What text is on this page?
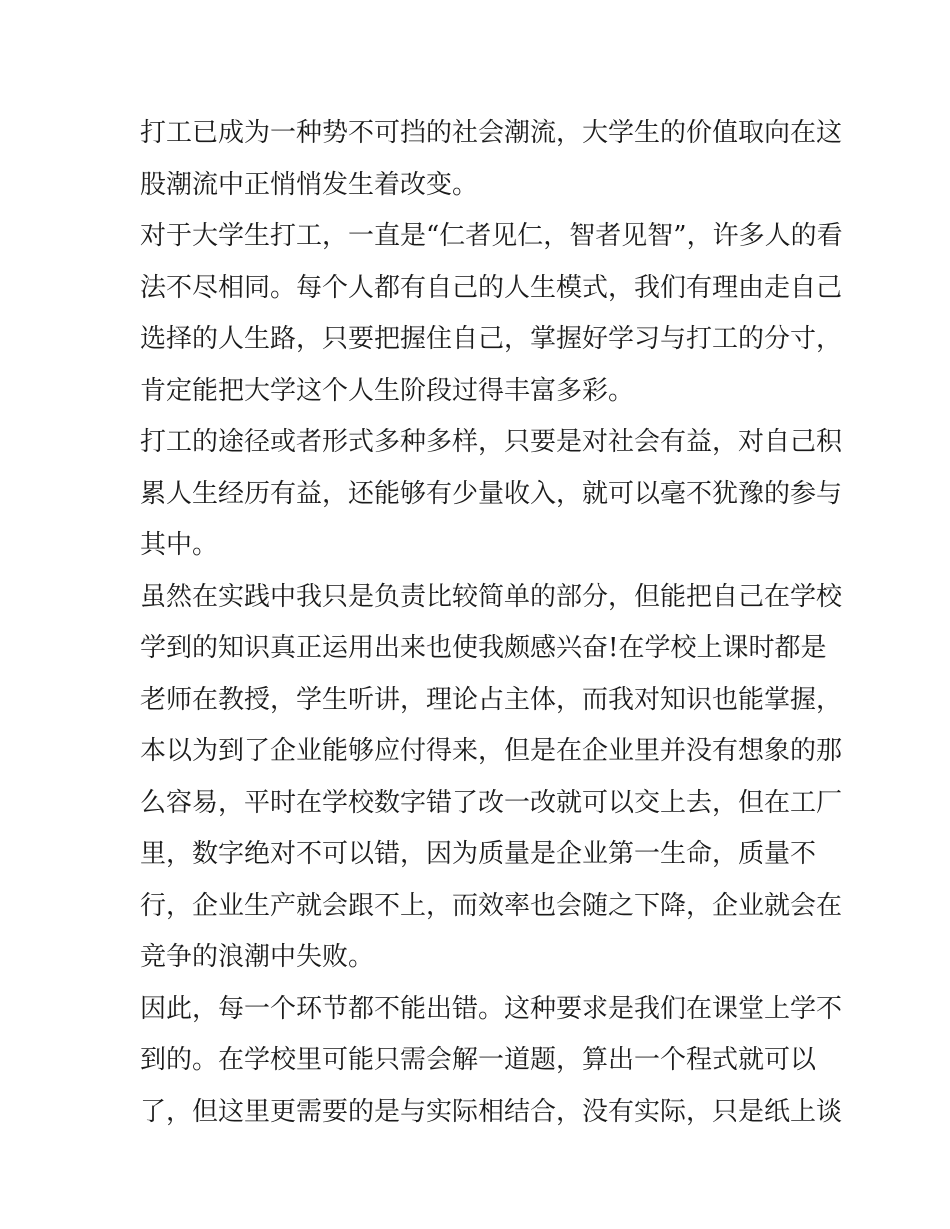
打工已成为一种势不可挡的社会潮流，大学生的价值取向在这
股潮流中正悄悄发生着改变。
对于大学生打工，一直是“仁者见仁，智者见智”，许多人的看
法不尽相同。每个人都有自己的人生模式，我们有理由走自己
选择的人生路，只要把握住自己，掌握好学习与打工的分寸，
肯定能把大学这个人生阶段过得丰富多彩。
打工的途径或者形式多种多样，只要是对社会有益，对自己积
累人生经历有益，还能够有少量收入，就可以毫不犹豫的参与
其中。
虽然在实践中我只是负责比较简单的部分，但能把自己在学校
学到的知识真正运用出来也使我颇感兴奋!在学校上课时都是
老师在教授，学生听讲，理论占主体，而我对知识也能掌握，
本以为到了企业能够应付得来，但是在企业里并没有想象的那
么容易，平时在学校数字错了改一改就可以交上去，但在工厂
里，数字绝对不可以错，因为质量是企业第一生命，质量不
行，企业生产就会跟不上，而效率也会随之下降，企业就会在
竞争的浪潮中失败。
因此，每一个环节都不能出错。这种要求是我们在课堂上学不
到的。在学校里可能只需会解一道题，算出一个程式就可以
了，但这里更需要的是与实际相结合，没有实际，只是纸上谈
